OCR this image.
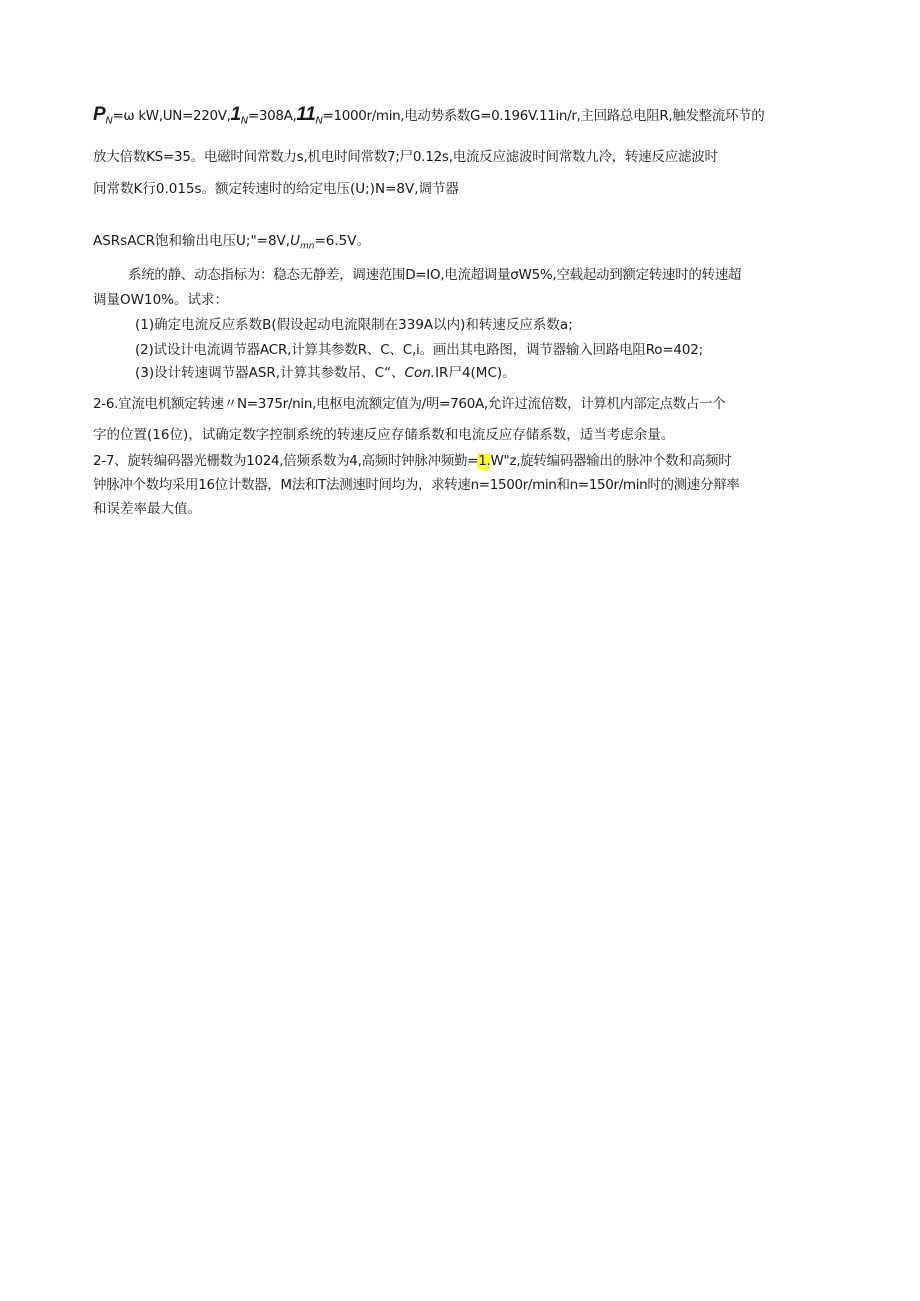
$P_N=\omega$ $kW,UN=220V,1_N=308A,11_N=1000r/\min$,电动势系数G=0.196V.11in/r,主回路总电阻R,触发整流环节的
放大倍数KS=35。电磁时间常数力s,机电时间常数7;尸0.12s,电流反应滤波时间常数九冷，转速反应滤波时
间常数K行0.015s。额定转速时的给定电压(U;)N=8V,调节器
ASRsACR饱和输出电压$U;"=8V,U_{mn}=6.5V$。
系统的静、动态指标为：稳态无静差，调速范围D=IO,电流超调量σW5%,空载起动到额定转速时的转速超
调量OW10%。试求：
(1)确定电流反应系数B(假设起动电流限制在339A以内)和转速反应系数a;
(2)试设计电流调节器ACR,计算其参数R、C、C,i。画出其电路图，调节器输入回路电阻Ro=402;
(3)设计转速调节器ASR,计算其参数吊、C“、Con.IR尸4(MC)。
2-6.宜流电机额定转速〃N=375r/nin,电枢电流额定值为/明=760A,允许过流倍数，计算机内部定点数占一个
字的位置(16位)，试确定数字控制系统的转速反应存储系数和电流反应存储系数，适当考虑余量。
2-7、旋转编码器光栅数为1024,倍频系数为4,高频时钟脉冲频勤=1.W"z,旋转编码器输出的脉冲个数和高频时
钟脉冲个数均采用16位计数器，M法和T法测速时间均为，求转速n=1500r/min和n=150r/min时的测速分辩率
和误差率最大值。
